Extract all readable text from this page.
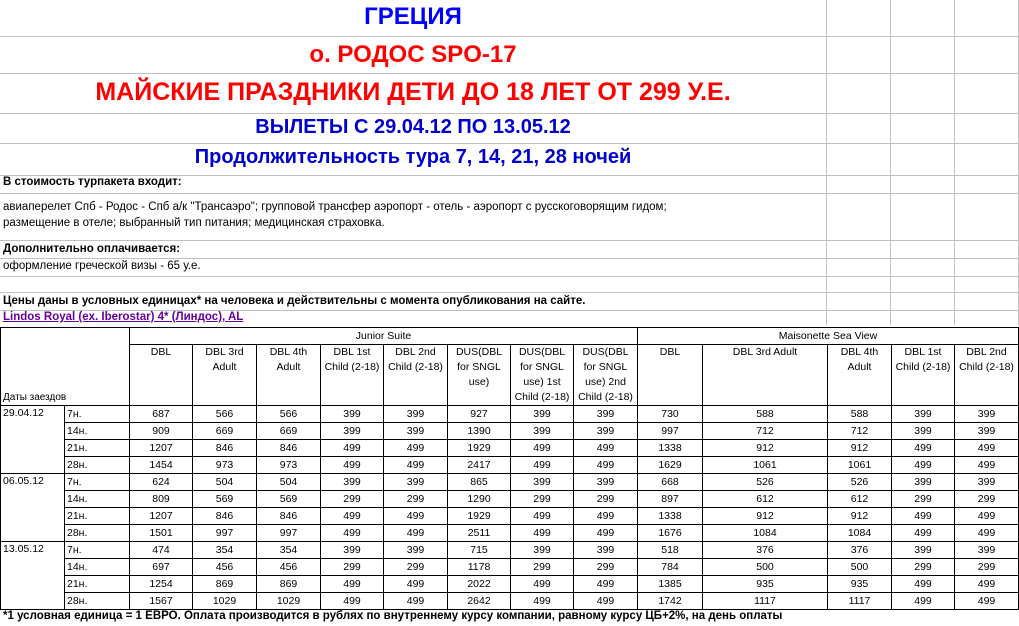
ГРЕЦИЯ
о. РОДОС SPO-17
МАЙСКИЕ ПРАЗДНИКИ ДЕТИ ДО 18 ЛЕТ ОТ 299 У.Е.
ВЫЛЕТЫ С 29.04.12 ПО 13.05.12
Продолжительность тура 7, 14, 21, 28 ночей
В стоимость турпакета входит:
авиаперелет Спб - Родос - Спб а/к "Трансаэро"; групповой трансфер аэропорт - отель - аэропорт с русскоговорящим гидом;
размещение в отеле; выбранный тип питания; медицинская страховка.
Дополнительно оплачивается:
оформление греческой визы - 65 у.е.
Цены даны в условных единицах* на человека и действительны с момента опубликования на сайте.
Lindos Royal (ex. Iberostar) 4* (Линдос), AL
Даты заездов		Junior Suite								Maisonette Sea View				
		DBL	DBL 3rd Adult	DBL 4th Adult	DBL 1st Child (2-18)	DBL 2nd Child (2-18)	DUS(DBL for SNGL use)	DUS(DBL for SNGL use) 1st Child (2-18)	DUS(DBL for SNGL use) 2nd Child (2-18)	DBL	DBL 3rd Adult	DBL 4th Adult	DBL 1st Child (2-18)	DBL 2nd Child (2-18)
29.04.12	7н.	687	566	566	399	399	927	399	399	730	588	588	399	399
	14н.	909	669	669	399	399	1390	399	399	997	712	712	399	399
	21н.	1207	846	846	499	499	1929	499	499	1338	912	912	499	499
	28н.	1454	973	973	499	499	2417	499	499	1629	1061	1061	499	499
06.05.12	7н.	624	504	504	399	399	865	399	399	668	526	526	399	399
	14н.	809	569	569	299	299	1290	299	299	897	612	612	299	299
	21н.	1207	846	846	499	499	1929	499	499	1338	912	912	499	499
	28н.	1501	997	997	499	499	2511	499	499	1676	1084	1084	499	499
13.05.12	7н.	474	354	354	399	399	715	399	399	518	376	376	399	399
	14н.	697	456	456	299	299	1178	299	299	784	500	500	299	299
	21н.	1254	869	869	499	499	2022	499	499	1385	935	935	499	499
	28н.	1567	1029	1029	499	499	2642	499	499	1742	1117	1117	499	499
*1 условная единица = 1 ЕВРО. Оплата производится в рублях по внутреннему курсу компании, равному курсу ЦБ+2%, на день оплаты
